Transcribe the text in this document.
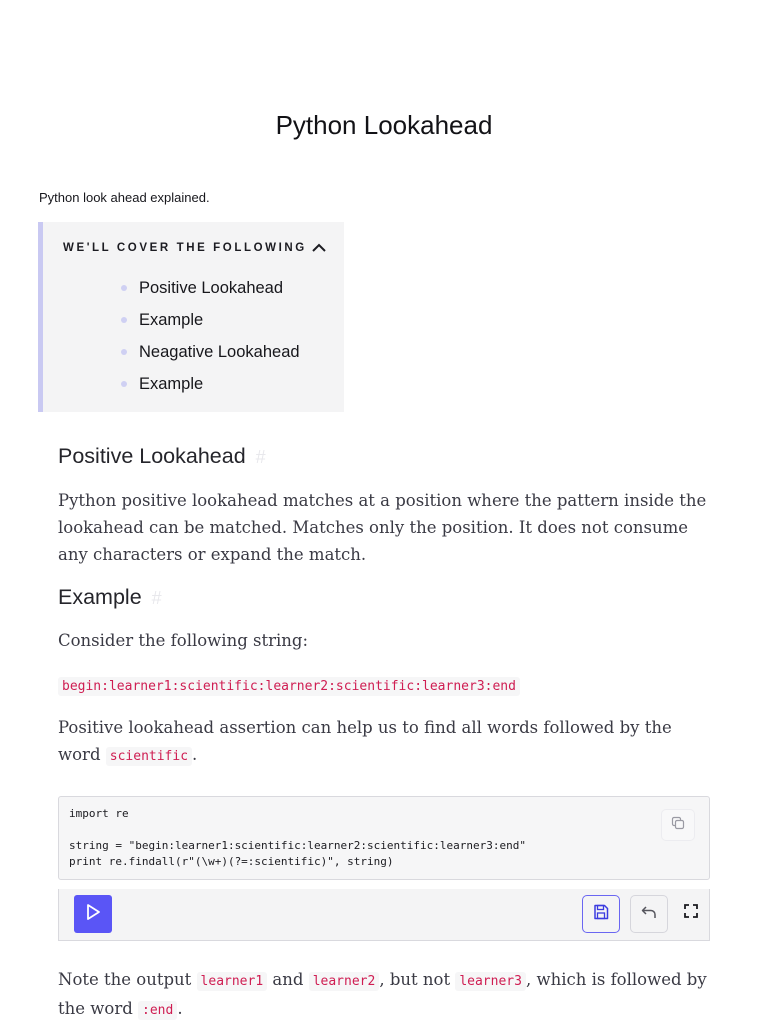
Python Lookahead

Python look ahead explained.

WE'LL COVER THE FOLLOWING
Positive Lookahead
Example
Neagative Lookahead
Example
Positive Lookahead #

Python positive lookahead matches at a position where the pattern inside the lookahead can be matched. Matches only the position. It does not consume any characters or expand the match.

Example #

Consider the following string:

begin:learner1:scientific:learner2:scientific:learner3:end

Positive lookahead assertion can help us to find all words followed by the word scientific .

import re

string = "begin:learner1:scientific:learner2:scientific:learner3:end"
print re.findall(r"(\w+)(?=:scientific)", string)

Note the output learner1 and learner2 , but not learner3 , which is followed by the word :end .
